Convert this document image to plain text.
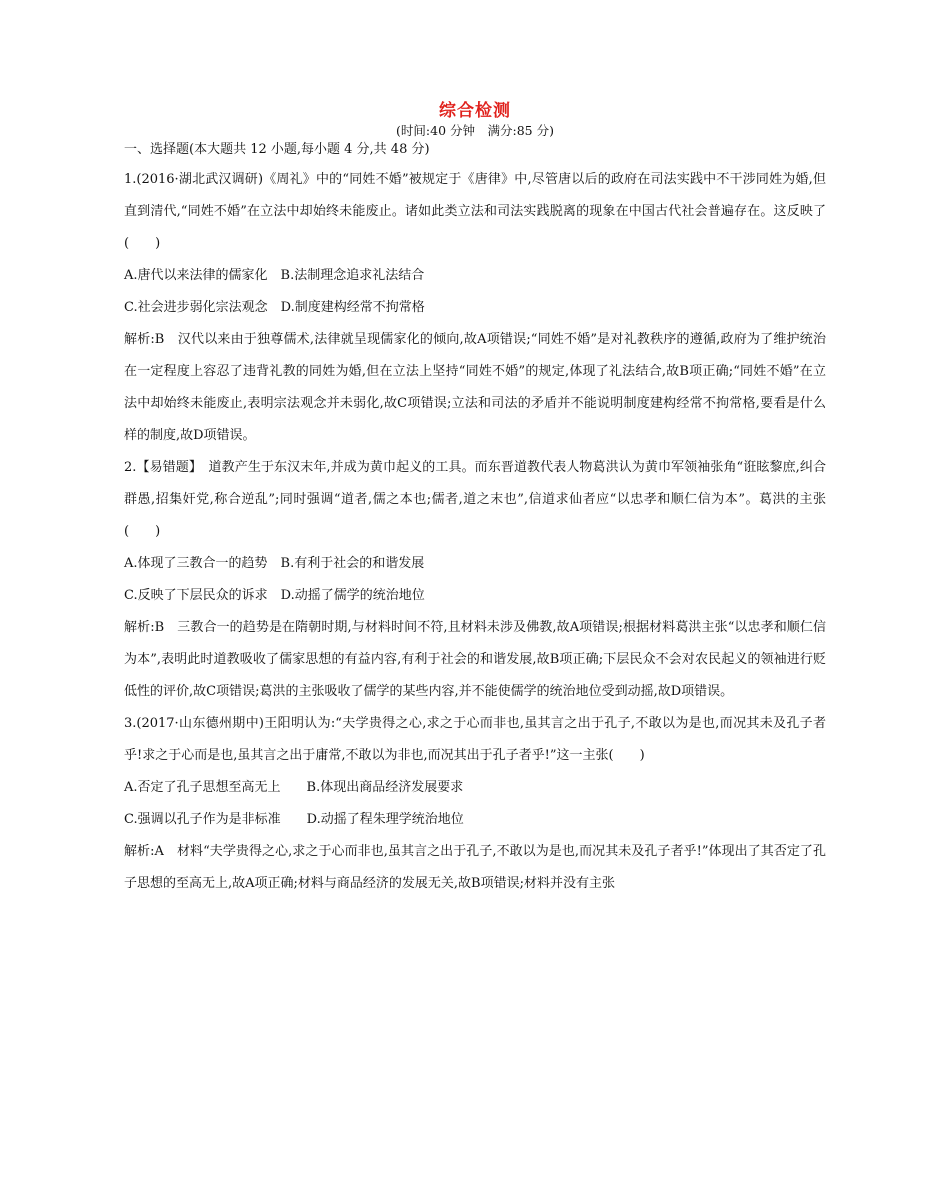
综合检测

(时间:40 分钟　满分:85 分)

一、选择题(本大题共 12 小题,每小题 4 分,共 48 分)

1.(2016·湖北武汉调研)《周礼》中的“同姓不婚”被规定于《唐律》中,尽管唐以后的政府在司法实践中不干涉同姓为婚,但直到清代,“同姓不婚”在立法中却始终未能废止。诸如此类立法和司法实践脱离的现象在中国古代社会普遍存在。这反映了(　　)

A.唐代以来法律的儒家化　B.法制理念追求礼法结合

C.社会进步弱化宗法观念　D.制度建构经常不拘常格

解析:B　汉代以来由于独尊儒术,法律就呈现儒家化的倾向,故A项错误;“同姓不婚”是对礼教秩序的遵循,政府为了维护统治在一定程度上容忍了违背礼教的同姓为婚,但在立法上坚持“同姓不婚”的规定,体现了礼法结合,故B项正确;“同姓不婚”在立法中却始终未能废止,表明宗法观念并未弱化,故C项错误;立法和司法的矛盾并不能说明制度建构经常不拘常格,要看是什么样的制度,故D项错误。

2.【易错题】　道教产生于东汉末年,并成为黄巾起义的工具。而东晋道教代表人物葛洪认为黄巾军领袖张角“诳眩黎庶,纠合群愚,招集奸党,称合逆乱”;同时强调“道者,儒之本也;儒者,道之末也”,信道求仙者应“以忠孝和顺仁信为本”。葛洪的主张(　　)

A.体现了三教合一的趋势　B.有利于社会的和谐发展

C.反映了下层民众的诉求　D.动摇了儒学的统治地位

解析:B　三教合一的趋势是在隋朝时期,与材料时间不符,且材料未涉及佛教,故A项错误;根据材料葛洪主张“以忠孝和顺仁信为本”,表明此时道教吸收了儒家思想的有益内容,有利于社会的和谐发展,故B项正确;下层民众不会对农民起义的领袖进行贬低性的评价,故C项错误;葛洪的主张吸收了儒学的某些内容,并不能使儒学的统治地位受到动摇,故D项错误。

3.(2017·山东德州期中)王阳明认为:“夫学贵得之心,求之于心而非也,虽其言之出于孔子,不敢以为是也,而况其未及孔子者乎!求之于心而是也,虽其言之出于庸常,不敢以为非也,而况其出于孔子者乎!”这一主张(　　)

A.否定了孔子思想至高无上　　B.体现出商品经济发展要求

C.强调以孔子作为是非标准　　D.动摇了程朱理学统治地位

解析:A　材料“夫学贵得之心,求之于心而非也,虽其言之出于孔子,不敢以为是也,而况其未及孔子者乎!”体现出了其否定了孔子思想的至高无上,故A项正确;材料与商品经济的发展无关,故B项错误;材料并没有主张
